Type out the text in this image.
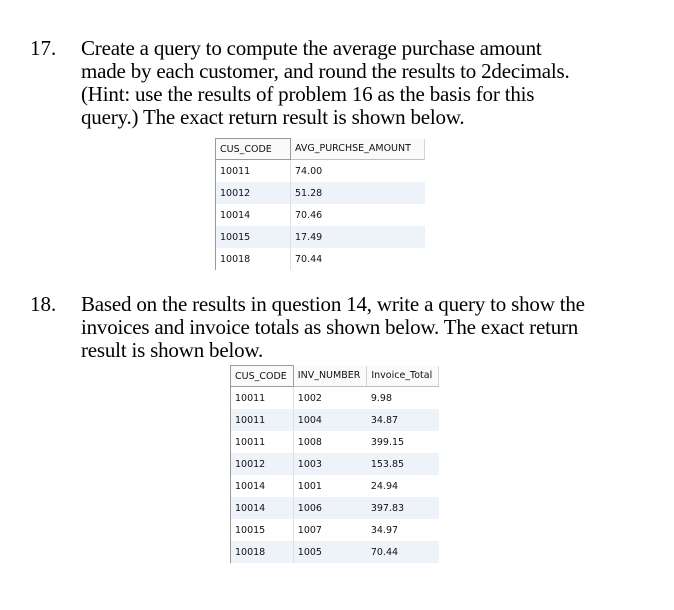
17. Create a query to compute the average purchase amount
made by each customer, and round the results to 2decimals.
(Hint: use the results of problem 16 as the basis for this
query.) The exact return result is shown below.
CUS_CODE	AVG_PURCHSE_AMOUNT
10011	74.00
10012	51.28
10014	70.46
10015	17.49
10018	70.44
18. Based on the results in question 14, write a query to show the
invoices and invoice totals as shown below. The exact return
result is shown below.
CUS_CODE	INV_NUMBER	Invoice_Total
10011	1002	9.98
10011	1004	34.87
10011	1008	399.15
10012	1003	153.85
10014	1001	24.94
10014	1006	397.83
10015	1007	34.97
10018	1005	70.44
